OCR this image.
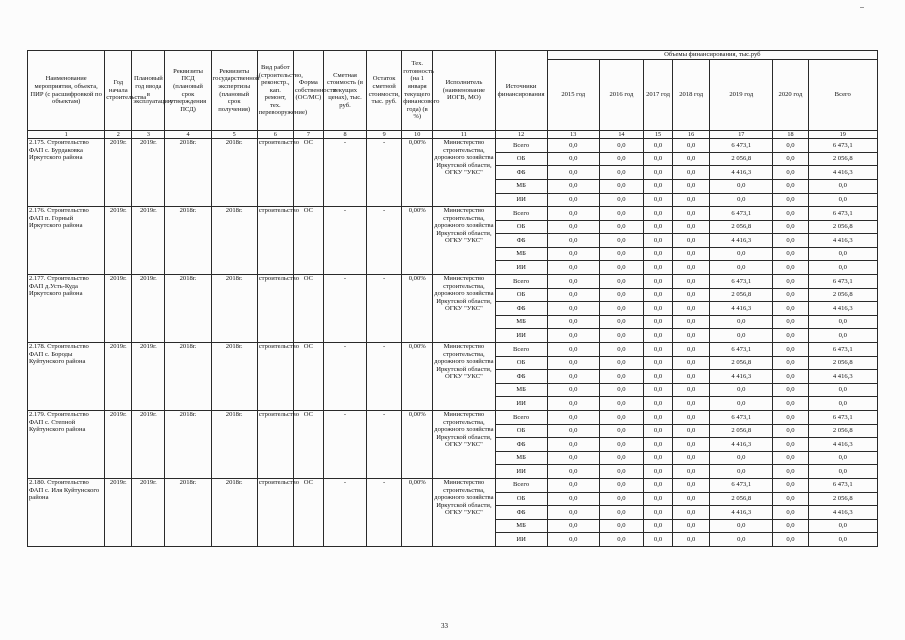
Наименование мероприятия, объекта, ПИР (с расшифровкой по объектам)	Год начала строительства	Плановый год ввода в эксплуатацию	Реквизиты ПСД (плановый срок утверждения ПСД)	Реквизиты государственной экспертизы (плановый срок получения)	Вид работ (строительство, реконстр., кап. ремонт, тех. перевооружение)	Форма собственности (ОС/МС)	Сметная стоимость (в текущих ценах), тыс. руб.	Остаток сметной стоимости, тыс. руб.	Тех. готовность (на 1 января текущего финансового года) (в %)	Исполнитель (наименование ИОГВ, МО)	Источники финансирования	Объемы финансирования, тыс.руб						
												2015 год	2016 год	2017 год	2018 год	2019 год	2020 год	Всего
1	2	3	4	5	6	7	8	9	10	11	12	13	14	15	16	17	18	19
2.175. Строительство ФАП с. Бурдаковка Иркутского района	2019г.	2019г.	2018г.	2018г.	строительство	ОС	-	-	0,00%	Министерство строительства, дорожного хозяйства Иркутской области, ОГКУ "УКС"	Всего	0,0	0,0	0,0	0,0	6 473,1	0,0	6 473,1
											ОБ	0,0	0,0	0,0	0,0	2 056,8	0,0	2 056,8
											ФБ	0,0	0,0	0,0	0,0	4 416,3	0,0	4 416,3
											МБ	0,0	0,0	0,0	0,0	0,0	0,0	0,0
											ИИ	0,0	0,0	0,0	0,0	0,0	0,0	0,0
2.176. Строительство ФАП п. Горный Иркутского района	2019г.	2019г.	2018г.	2018г.	строительство	ОС	-	-	0,00%	Министерство строительства, дорожного хозяйства Иркутской области, ОГКУ "УКС"	Всего	0,0	0,0	0,0	0,0	6 473,1	0,0	6 473,1
											ОБ	0,0	0,0	0,0	0,0	2 056,8	0,0	2 056,8
											ФБ	0,0	0,0	0,0	0,0	4 416,3	0,0	4 416,3
											МБ	0,0	0,0	0,0	0,0	0,0	0,0	0,0
											ИИ	0,0	0,0	0,0	0,0	0,0	0,0	0,0
2.177. Строительство ФАП д.Усть-Куда Иркутского района	2019г.	2019г.	2018г.	2018г.	строительство	ОС	-	-	0,00%	Министерство строительства, дорожного хозяйства Иркутской области, ОГКУ "УКС"	Всего	0,0	0,0	0,0	0,0	6 473,1	0,0	6 473,1
											ОБ	0,0	0,0	0,0	0,0	2 056,8	0,0	2 056,8
											ФБ	0,0	0,0	0,0	0,0	4 416,3	0,0	4 416,3
											МБ	0,0	0,0	0,0	0,0	0,0	0,0	0,0
											ИИ	0,0	0,0	0,0	0,0	0,0	0,0	0,0
2.178. Строительство ФАП с. Бороды Куйтунского района	2019г.	2019г.	2018г.	2018г.	строительство	ОС	-	-	0,00%	Министерство строительства, дорожного хозяйства Иркутской области, ОГКУ "УКС"	Всего	0,0	0,0	0,0	0,0	6 473,1	0,0	6 473,1
											ОБ	0,0	0,0	0,0	0,0	2 056,8	0,0	2 056,8
											ФБ	0,0	0,0	0,0	0,0	4 416,3	0,0	4 416,3
											МБ	0,0	0,0	0,0	0,0	0,0	0,0	0,0
											ИИ	0,0	0,0	0,0	0,0	0,0	0,0	0,0
2.179. Строительство ФАП с. Степной Куйтунского района	2019г.	2019г.	2018г.	2018г.	строительство	ОС	-	-	0,00%	Министерство строительства, дорожного хозяйства Иркутской области, ОГКУ "УКС"	Всего	0,0	0,0	0,0	0,0	6 473,1	0,0	6 473,1
											ОБ	0,0	0,0	0,0	0,0	2 056,8	0,0	2 056,8
											ФБ	0,0	0,0	0,0	0,0	4 416,3	0,0	4 416,3
											МБ	0,0	0,0	0,0	0,0	0,0	0,0	0,0
											ИИ	0,0	0,0	0,0	0,0	0,0	0,0	0,0
2.180. Строительство ФАП с. Иля Куйтунского района	2019г.	2019г.	2018г.	2018г.	строительство	ОС	-	-	0,00%	Министерство строительства, дорожного хозяйства Иркутской области, ОГКУ "УКС"	Всего	0,0	0,0	0,0	0,0	6 473,1	0,0	6 473,1
											ОБ	0,0	0,0	0,0	0,0	2 056,8	0,0	2 056,8
											ФБ	0,0	0,0	0,0	0,0	4 416,3	0,0	4 416,3
											МБ	0,0	0,0	0,0	0,0	0,0	0,0	0,0
											ИИ	0,0	0,0	0,0	0,0	0,0	0,0	0,0
33
